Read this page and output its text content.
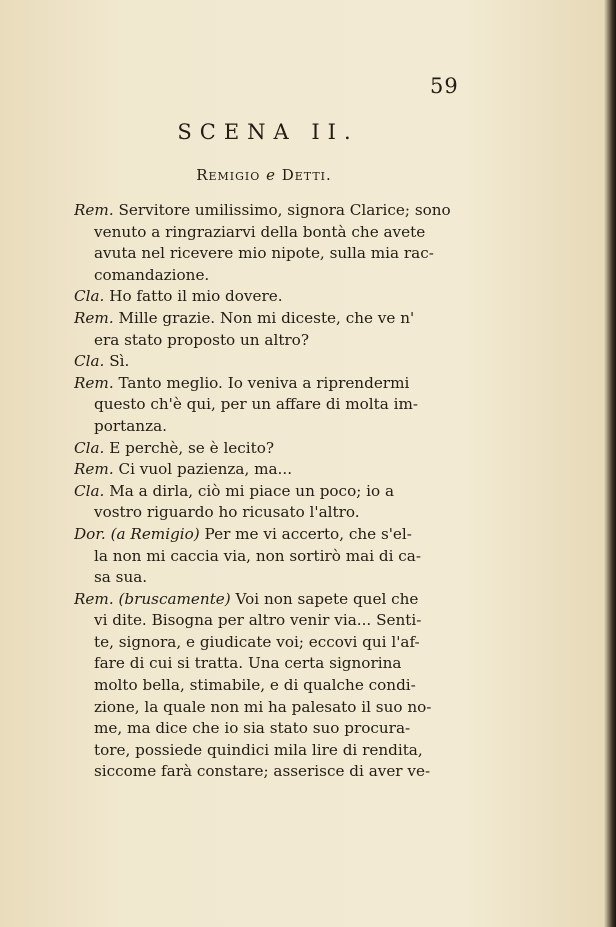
59
SCENA II.
Remigio e Detti.
Rem. Servitore umilissimo, signora Clarice; sono
venuto a ringraziarvi della bontà che avete
avuta nel ricevere mio nipote, sulla mia rac-
comandazione.
Cla. Ho fatto il mio dovere.
Rem. Mille grazie. Non mi diceste, che ve n'
era stato proposto un altro?
Cla. Sì.
Rem. Tanto meglio. Io veniva a riprendermi
questo ch'è qui, per un affare di molta im-
portanza.
Cla. E perchè, se è lecito?
Rem. Ci vuol pazienza, ma...
Cla. Ma a dirla, ciò mi piace un poco; io a
vostro riguardo ho ricusato l'altro.
Dor. (a Remigio) Per me vi accerto, che s'el-
la non mi caccia via, non sortirò mai di ca-
sa sua.
Rem. (bruscamente) Voi non sapete quel che
vi dite. Bisogna per altro venir via... Senti-
te, signora, e giudicate voi; eccovi qui l'af-
fare di cui si tratta. Una certa signorina
molto bella, stimabile, e di qualche condi-
zione, la quale non mi ha palesato il suo no-
me, ma dice che io sia stato suo procura-
tore, possiede quindici mila lire di rendita,
siccome farà constare; asserisce di aver ve-
